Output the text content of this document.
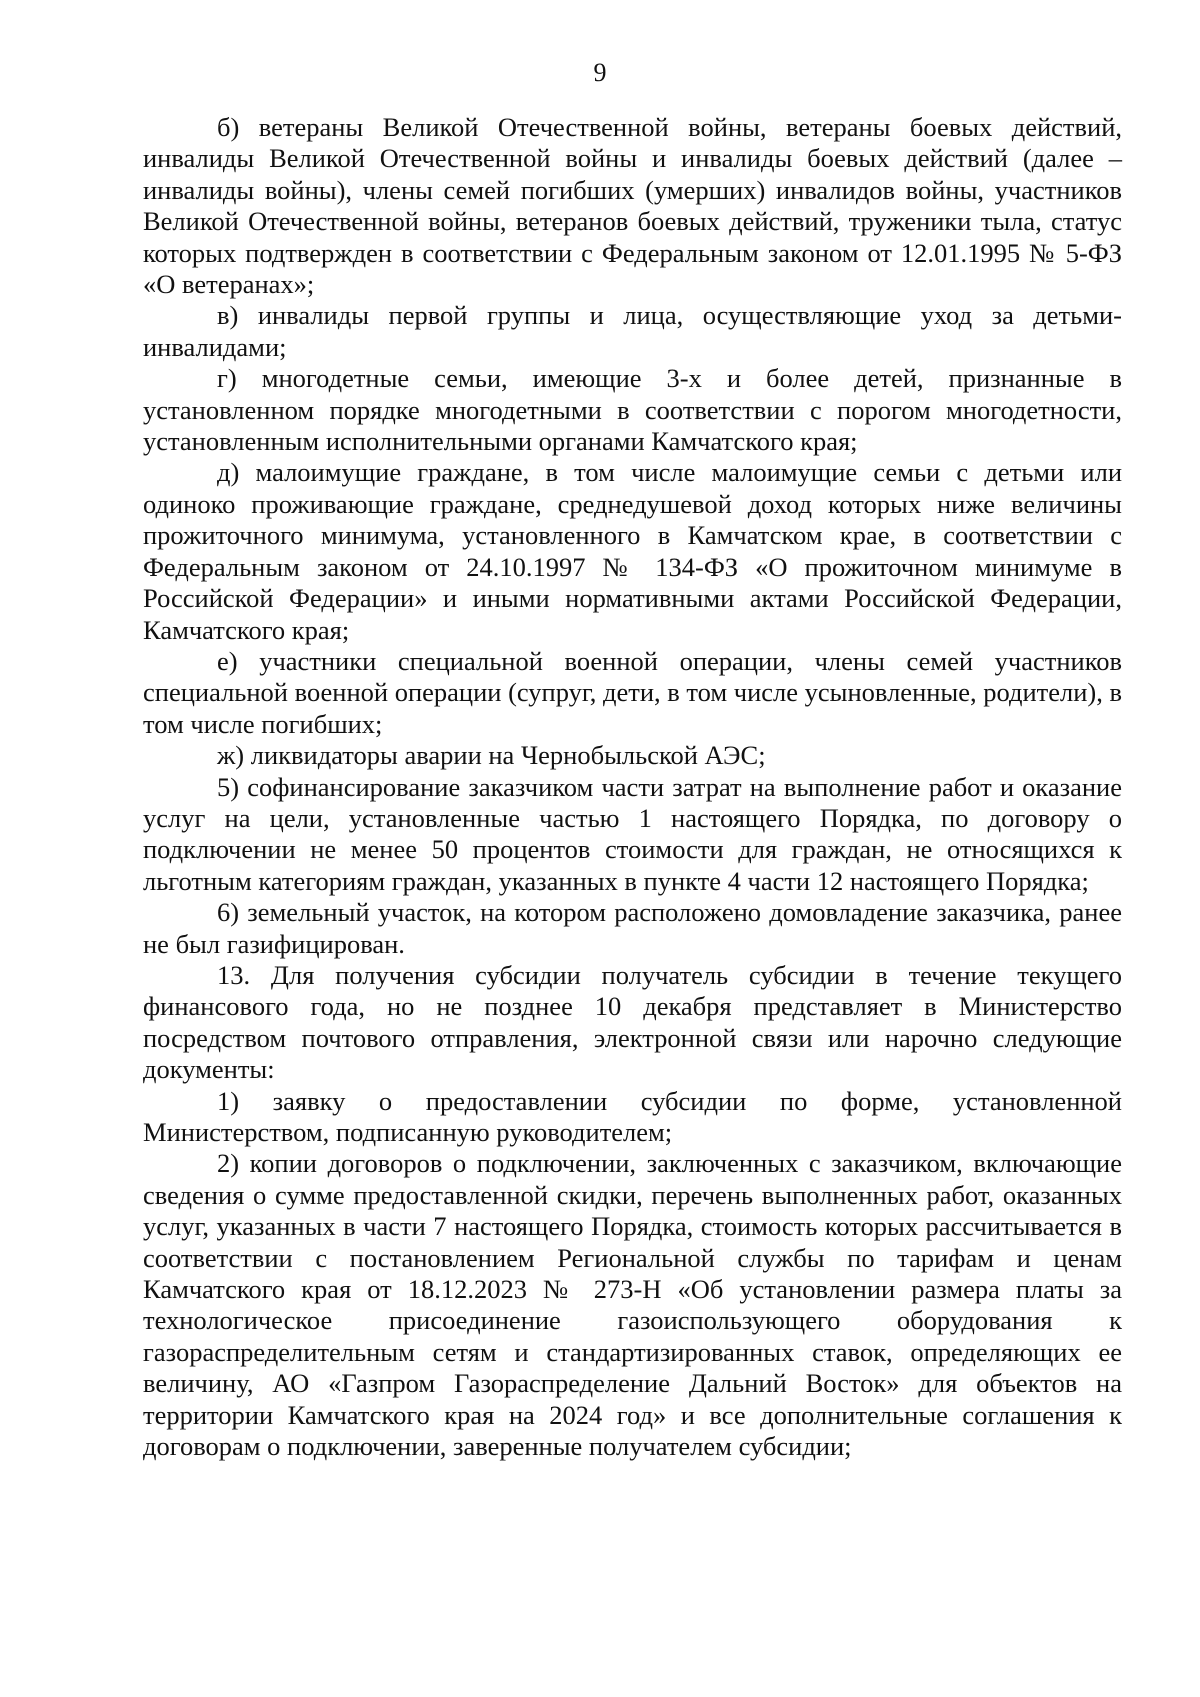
9

б) ветераны Великой Отечественной войны, ветераны боевых действий, инвалиды Великой Отечественной войны и инвалиды боевых действий (далее – инвалиды войны), члены семей погибших (умерших) инвалидов войны, участников Великой Отечественной войны, ветеранов боевых действий, труженики тыла, статус которых подтвержден в соответствии с Федеральным законом от 12.01.1995 № 5-ФЗ «О ветеранах»;

в) инвалиды первой группы и лица, осуществляющие уход за детьми-инвалидами;

г) многодетные семьи, имеющие 3-х и более детей, признанные в установленном порядке многодетными в соответствии с порогом многодетности, установленным исполнительными органами Камчатского края;

д) малоимущие граждане, в том числе малоимущие семьи с детьми или одиноко проживающие граждане, среднедушевой доход которых ниже величины прожиточного минимума, установленного в Камчатском крае, в соответствии с Федеральным законом от 24.10.1997 № 134-ФЗ «О прожиточном минимуме в Российской Федерации» и иными нормативными актами Российской Федерации, Камчатского края;

е) участники специальной военной операции, члены семей участников специальной военной операции (супруг, дети, в том числе усыновленные, родители), в том числе погибших;

ж) ликвидаторы аварии на Чернобыльской АЭС;

5) софинансирование заказчиком части затрат на выполнение работ и оказание услуг на цели, установленные частью 1 настоящего Порядка, по договору о подключении не менее 50 процентов стоимости для граждан, не относящихся к льготным категориям граждан, указанных в пункте 4 части 12 настоящего Порядка;

6) земельный участок, на котором расположено домовладение заказчика, ранее не был газифицирован.

13. Для получения субсидии получатель субсидии в течение текущего финансового года, но не позднее 10 декабря представляет в Министерство посредством почтового отправления, электронной связи или нарочно следующие документы:

1) заявку о предоставлении субсидии по форме, установленной Министерством, подписанную руководителем;

2) копии договоров о подключении, заключенных с заказчиком, включающие сведения о сумме предоставленной скидки, перечень выполненных работ, оказанных услуг, указанных в части 7 настоящего Порядка, стоимость которых рассчитывается в соответствии с постановлением Региональной службы по тарифам и ценам Камчатского края от 18.12.2023 № 273-Н «Об установлении размера платы за технологическое присоединение газоиспользующего оборудования к газораспределительным сетям и стандартизированных ставок, определяющих ее величину, АО «Газпром Газораспределение Дальний Восток» для объектов на территории Камчатского края на 2024 год» и все дополнительные соглашения к договорам о подключении, заверенные получателем субсидии;
